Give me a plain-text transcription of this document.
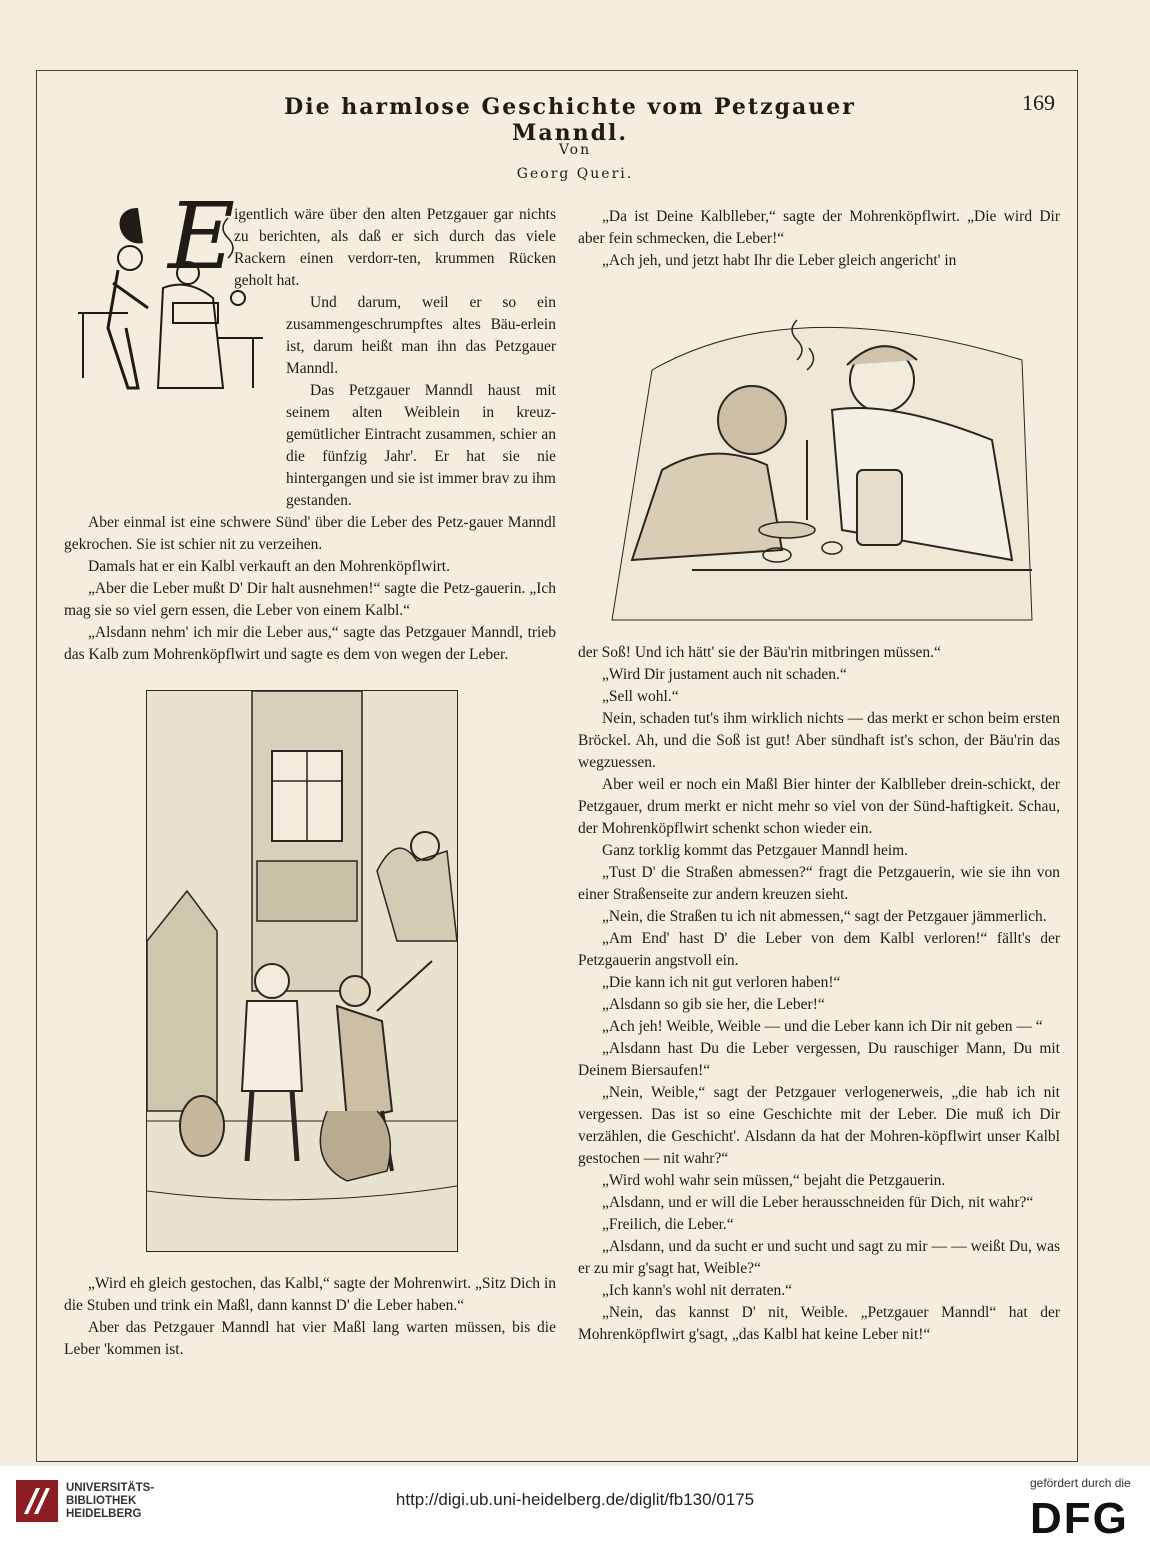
Die harmlose Geschichte vom Petzgauer Manndl.
169
Von
Georg Queri.
E

igentlich wäre über den alten Petzgauer gar nichts zu berichten, als daß er sich durch das viele Rackern einen verdorr-ten, krummen Rücken geholt hat.

Und darum, weil er so ein zusammengeschrumpftes altes Bäu-erlein ist, darum heißt man ihn das Petzgauer Manndl.

Das Petzgauer Manndl haust mit seinem alten Weiblein in kreuz-gemütlicher Eintracht zusammen, schier an die fünfzig Jahr'. Er hat sie nie hintergangen und sie ist immer brav zu ihm gestanden.

Aber einmal ist eine schwere Sünd' über die Leber des Petz-gauer Manndl gekrochen. Sie ist schier nit zu verzeihen.

Damals hat er ein Kalbl verkauft an den Mohrenköpflwirt.

„Aber die Leber mußt D' Dir halt ausnehmen!“ sagte die Petz-gauerin. „Ich mag sie so viel gern essen, die Leber von einem Kalbl.“

„Alsdann nehm' ich mir die Leber aus,“ sagte das Petzgauer Manndl, trieb das Kalb zum Mohrenköpflwirt und sagte es dem von wegen der Leber.

„Wird eh gleich gestochen, das Kalbl,“ sagte der Mohrenwirt. „Sitz Dich in die Stuben und trink ein Maßl, dann kannst D' die Leber haben.“

Aber das Petzgauer Manndl hat vier Maßl lang warten müssen, bis die Leber 'kommen ist.

„Da ist Deine Kalblleber,“ sagte der Mohrenköpflwirt. „Die wird Dir aber fein schmecken, die Leber!“

„Ach jeh, und jetzt habt Ihr die Leber gleich angericht' in

der Soß! Und ich hätt' sie der Bäu'rin mitbringen müssen.“

„Wird Dir justament auch nit schaden.“

„Sell wohl.“

Nein, schaden tut's ihm wirklich nichts — das merkt er schon beim ersten Bröckel. Ah, und die Soß ist gut! Aber sündhaft ist's schon, der Bäu'rin das wegzuessen.

Aber weil er noch ein Maßl Bier hinter der Kalblleber drein-schickt, der Petzgauer, drum merkt er nicht mehr so viel von der Sünd-haftigkeit. Schau, der Mohrenköpflwirt schenkt schon wieder ein.

Ganz torklig kommt das Petzgauer Manndl heim.

„Tust D' die Straßen abmessen?“ fragt die Petzgauerin, wie sie ihn von einer Straßenseite zur andern kreuzen sieht.

„Nein, die Straßen tu ich nit abmessen,“ sagt der Petzgauer jämmerlich.

„Am End' hast D' die Leber von dem Kalbl verloren!“ fällt's der Petzgauerin angstvoll ein.

„Die kann ich nit gut verloren haben!“

„Alsdann so gib sie her, die Leber!“

„Ach jeh! Weible, Weible — und die Leber kann ich Dir nit geben — “

„Alsdann hast Du die Leber vergessen, Du rauschiger Mann, Du mit Deinem Biersaufen!“

„Nein, Weible,“ sagt der Petzgauer verlogenerweis, „die hab ich nit vergessen. Das ist so eine Geschichte mit der Leber. Die muß ich Dir verzählen, die Geschicht'. Alsdann da hat der Mohren-köpflwirt unser Kalbl gestochen — nit wahr?“

„Wird wohl wahr sein müssen,“ bejaht die Petzgauerin.

„Alsdann, und er will die Leber herausschneiden für Dich, nit wahr?“

„Freilich, die Leber.“

„Alsdann, und da sucht er und sucht und sagt zu mir — — weißt Du, was er zu mir g'sagt hat, Weible?“

„Ich kann's wohl nit derraten.“

„Nein, das kannst D' nit, Weible. „Petzgauer Manndl“ hat der Mohrenköpflwirt g'sagt, „das Kalbl hat keine Leber nit!“

UNIVERSITÄTS-
BIBLIOTHEK
HEIDELBERG
http://digi.ub.uni-heidelberg.de/diglit/fb130/0175
gefördert durch die
DFG
